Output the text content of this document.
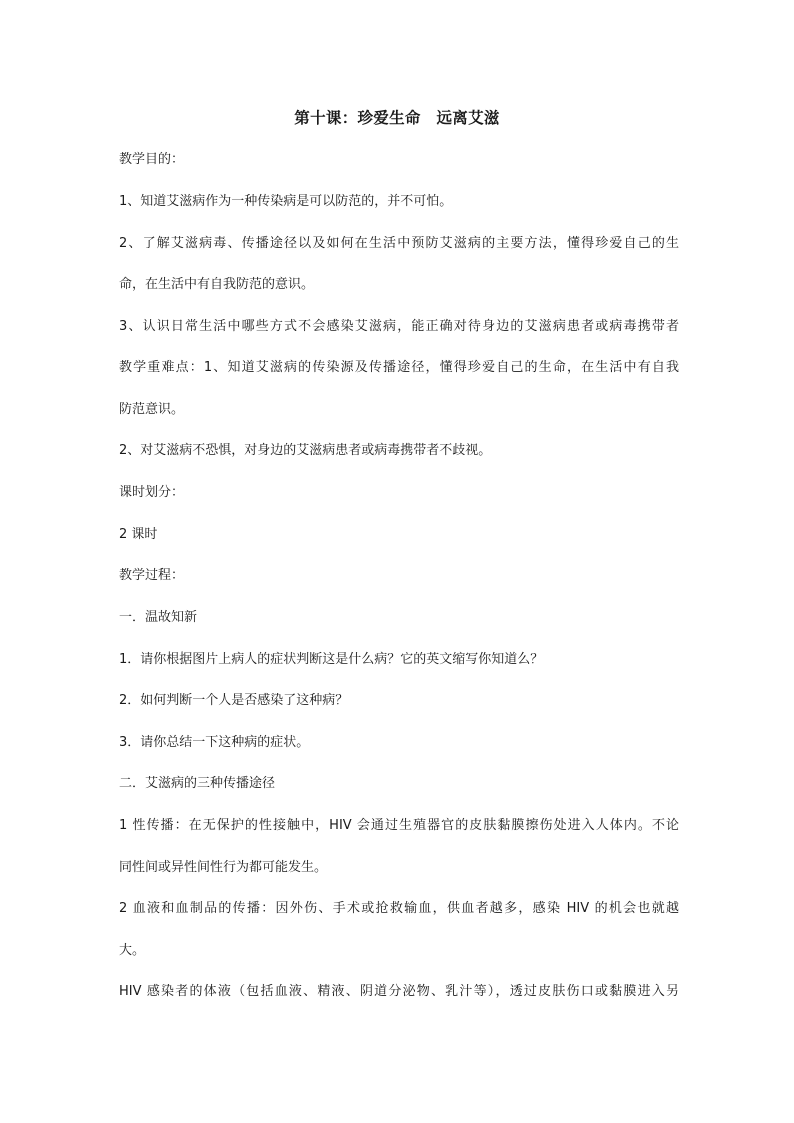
第十课：珍爱生命　远离艾滋
教学目的：
1、知道艾滋病作为一种传染病是可以防范的，并不可怕。
2、了解艾滋病毒、传播途径以及如何在生活中预防艾滋病的主要方法，懂得珍爱自己的生
命，在生活中有自我防范的意识。
3、认识日常生活中哪些方式不会感染艾滋病，能正确对待身边的艾滋病患者或病毒携带者
教学重难点：1、知道艾滋病的传染源及传播途径，懂得珍爱自己的生命，在生活中有自我
防范意识。
2、对艾滋病不恐惧，对身边的艾滋病患者或病毒携带者不歧视。
课时划分：
2 课时
教学过程：
一．温故知新
1．请你根据图片上病人的症状判断这是什么病？它的英文缩写你知道么？
2．如何判断一个人是否感染了这种病？
3．请你总结一下这种病的症状。
二．艾滋病的三种传播途径
1 性传播：在无保护的性接触中，HIV 会通过生殖器官的皮肤黏膜擦伤处进入人体内。不论
同性间或异性间性行为都可能发生。
2 血液和血制品的传播：因外伤、手术或抢救输血，供血者越多，感染 HIV 的机会也就越
大。
HIV 感染者的体液（包括血液、精液、阴道分泌物、乳汁等），透过皮肤伤口或黏膜进入另
